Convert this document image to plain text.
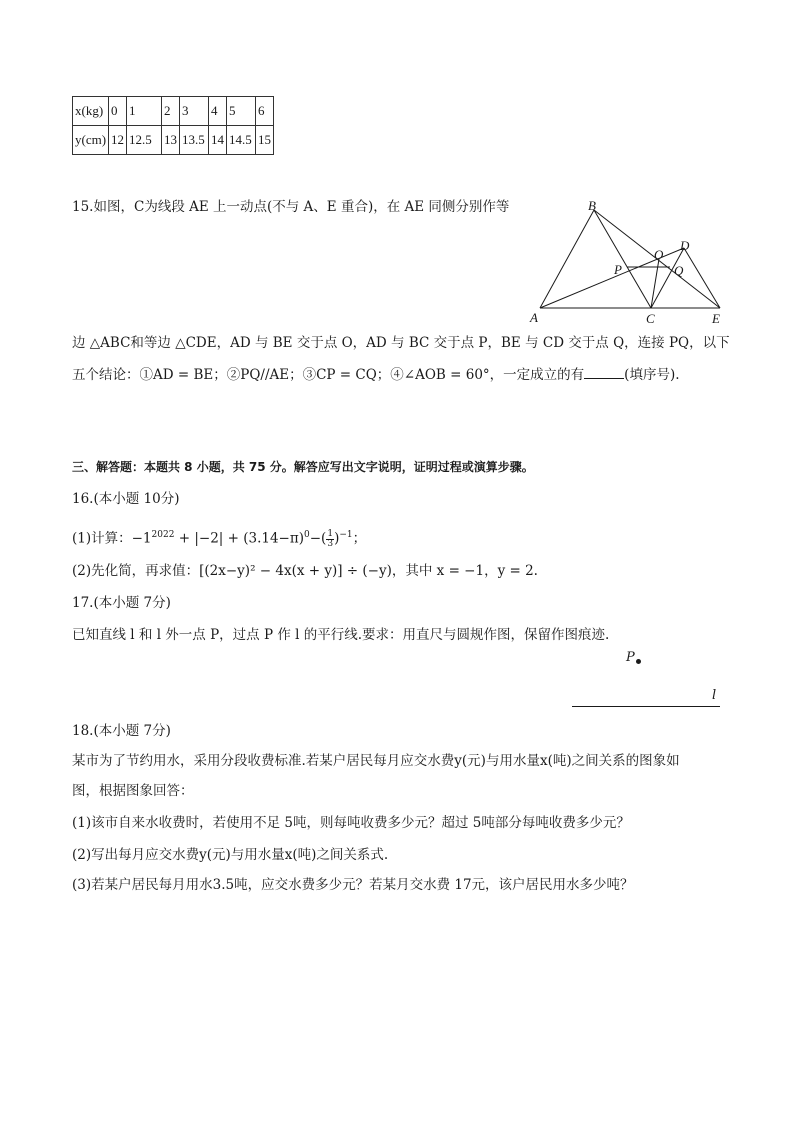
x(kg)	0	1	2	3	4	5	6
y(cm)	12	12.5	13	13.5	14	14.5	15
15.如图，C为线段 AE 上一动点(不与 A、E 重合)，在 AE 同侧分别作等	B
D
O
P	Q
A	C	E
边 △ABC和等边 △CDE，AD 与 BE 交于点 O，AD 与 BC 交于点 P，BE 与 CD 交于点 Q，连接 PQ，以下
五个结论：①AD = BE；②PQ//AE；③CP = CQ；④∠AOB = 60°，一定成立的有	(填序号).
三、解答题：本题共 8 小题，共 75 分。解答应写出文字说明，证明过程或演算步骤。
16.(本小题 10分)
(1)计算：$-1^{2022} + |-2| + (3.14-\pi)^0-( \frac{1}{3} )^{-1}$；
(2)先化简，再求值：[(2x−y)² − 4x(x + y)] ÷ (−y)，其中 x = −1，y = 2.
17.(本小题 7分)
已知直线 l 和 l 外一点 P，过点 P 作 l 的平行线.要求：用直尺与圆规作图，保留作图痕迹.
P
l
18.(本小题 7分)
某市为了节约用水，采用分段收费标准.若某户居民每月应交水费y(元)与用水量x(吨)之间关系的图象如
图，根据图象回答：
(1)该市自来水收费时，若使用不足 5吨，则每吨收费多少元？超过 5吨部分每吨收费多少元？
(2)写出每月应交水费y(元)与用水量x(吨)之间关系式.
(3)若某户居民每月用水3.5吨，应交水费多少元？若某月交水费 17元，该户居民用水多少吨？
